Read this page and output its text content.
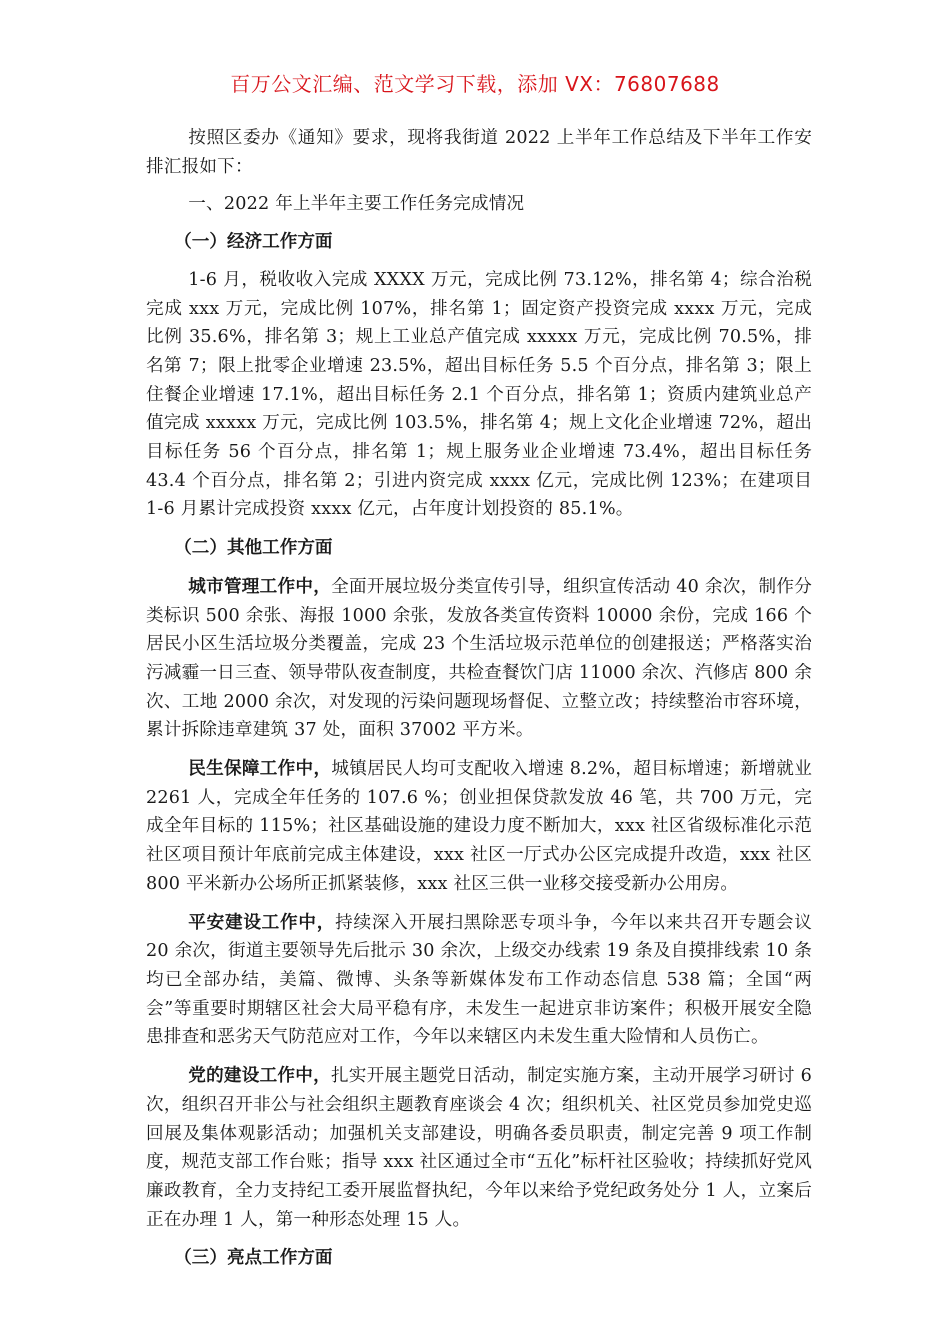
百万公文汇编、范文学习下载，添加 VX：76807688

按照区委办《通知》要求，现将我街道 2022 上半年工作总结及下半年工作安排汇报如下：

一、2022 年上半年主要工作任务完成情况

（一）经济工作方面

1-6 月，税收收入完成 XXXX 万元，完成比例 73.12%，排名第 4；综合治税完成 xxx 万元，完成比例 107%，排名第 1；固定资产投资完成 xxxx 万元，完成比例 35.6%，排名第 3；规上工业总产值完成 xxxxx 万元，完成比例 70.5%，排名第 7；限上批零企业增速 23.5%，超出目标任务 5.5 个百分点，排名第 3；限上住餐企业增速 17.1%，超出目标任务 2.1 个百分点，排名第 1；资质内建筑业总产值完成 xxxxx 万元，完成比例 103.5%，排名第 4；规上文化企业增速 72%，超出目标任务 56 个百分点，排名第 1；规上服务业企业增速 73.4%，超出目标任务 43.4 个百分点，排名第 2；引进内资完成 xxxx 亿元，完成比例 123%；在建项目 1-6 月累计完成投资 xxxx 亿元，占年度计划投资的 85.1%。

（二）其他工作方面

城市管理工作中，全面开展垃圾分类宣传引导，组织宣传活动 40 余次，制作分类标识 500 余张、海报 1000 余张，发放各类宣传资料 10000 余份，完成 166 个居民小区生活垃圾分类覆盖，完成 23 个生活垃圾示范单位的创建报送；严格落实治污减霾一日三查、领导带队夜查制度，共检查餐饮门店 11000 余次、汽修店 800 余次、工地 2000 余次，对发现的污染问题现场督促、立整立改；持续整治市容环境，累计拆除违章建筑 37 处，面积 37002 平方米。

民生保障工作中，城镇居民人均可支配收入增速 8.2%，超目标增速；新增就业 2261 人，完成全年任务的 107.6 %；创业担保贷款发放 46 笔，共 700 万元，完成全年目标的 115%；社区基础设施的建设力度不断加大，xxx 社区省级标准化示范社区项目预计年底前完成主体建设，xxx 社区一厅式办公区完成提升改造，xxx 社区 800 平米新办公场所正抓紧装修，xxx 社区三供一业移交接受新办公用房。

平安建设工作中，持续深入开展扫黑除恶专项斗争，今年以来共召开专题会议 20 余次，街道主要领导先后批示 30 余次，上级交办线索 19 条及自摸排线索 10 条均已全部办结，美篇、微博、头条等新媒体发布工作动态信息 538 篇；全国“两会”等重要时期辖区社会大局平稳有序，未发生一起进京非访案件；积极开展安全隐患排查和恶劣天气防范应对工作，今年以来辖区内未发生重大险情和人员伤亡。

党的建设工作中，扎实开展主题党日活动，制定实施方案，主动开展学习研讨 6 次，组织召开非公与社会组织主题教育座谈会 4 次；组织机关、社区党员参加党史巡回展及集体观影活动；加强机关支部建设，明确各委员职责，制定完善 9 项工作制度，规范支部工作台账；指导 xxx 社区通过全市“五化”标杆社区验收；持续抓好党风廉政教育，全力支持纪工委开展监督执纪，今年以来给予党纪政务处分 1 人，立案后正在办理 1 人，第一种形态处理 15 人。

（三）亮点工作方面
